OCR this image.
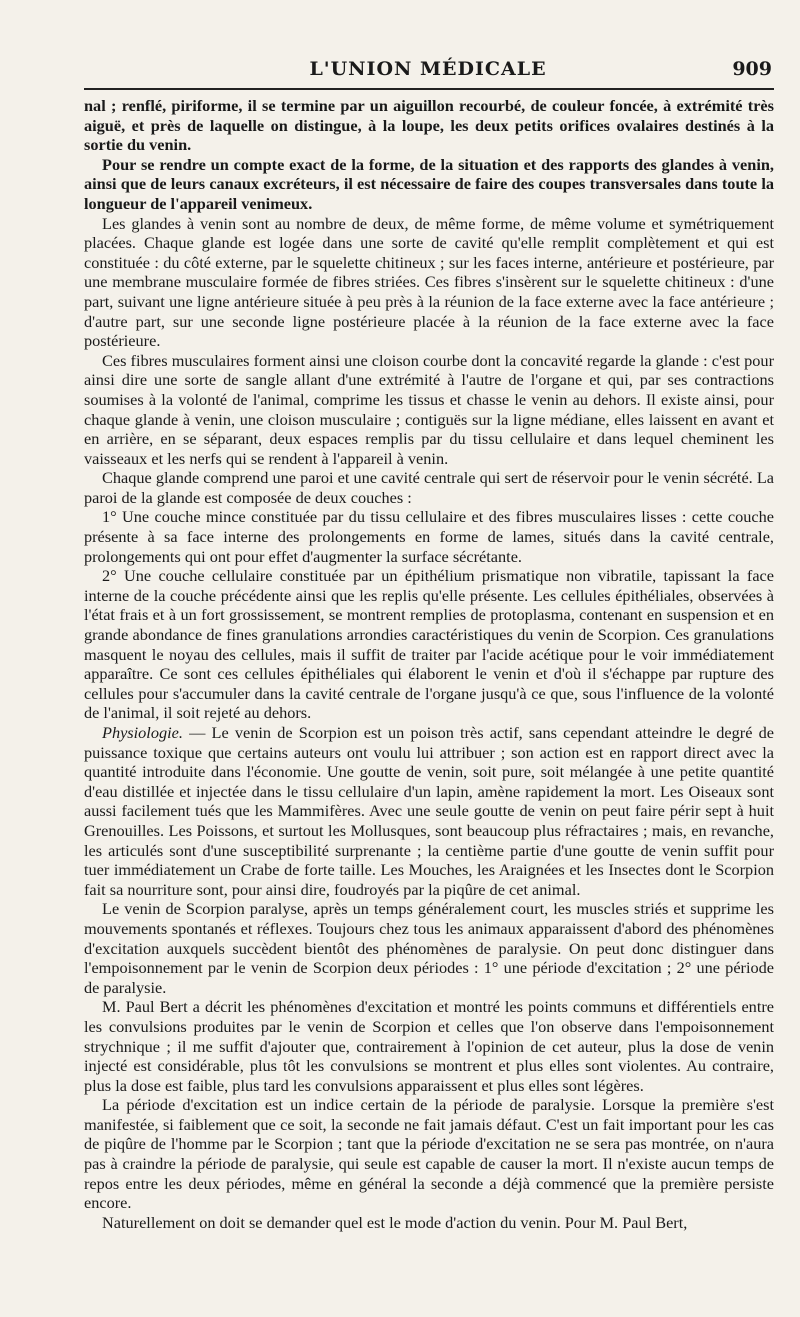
L'UNION MÉDICALE	909

nal ; renflé, piriforme, il se termine par un aiguillon recourbé, de couleur foncée, à extrémité très aiguë, et près de laquelle on distingue, à la loupe, les deux petits orifices ovalaires destinés à la sortie du venin.

Pour se rendre un compte exact de la forme, de la situation et des rapports des glandes à venin, ainsi que de leurs canaux excréteurs, il est nécessaire de faire des coupes transversales dans toute la longueur de l'appareil venimeux.

Les glandes à venin sont au nombre de deux, de même forme, de même volume et symétriquement placées. Chaque glande est logée dans une sorte de cavité qu'elle remplit complètement et qui est constituée : du côté externe, par le squelette chitineux ; sur les faces interne, antérieure et postérieure, par une membrane musculaire formée de fibres striées. Ces fibres s'insèrent sur le squelette chitineux : d'une part, suivant une ligne antérieure située à peu près à la réunion de la face externe avec la face antérieure ; d'autre part, sur une seconde ligne postérieure placée à la réunion de la face externe avec la face postérieure.

Ces fibres musculaires forment ainsi une cloison courbe dont la concavité regarde la glande : c'est pour ainsi dire une sorte de sangle allant d'une extrémité à l'autre de l'organe et qui, par ses contractions soumises à la volonté de l'animal, comprime les tissus et chasse le venin au dehors. Il existe ainsi, pour chaque glande à venin, une cloison musculaire ; contiguës sur la ligne médiane, elles laissent en avant et en arrière, en se séparant, deux espaces remplis par du tissu cellulaire et dans lequel cheminent les vaisseaux et les nerfs qui se rendent à l'appareil à venin.

Chaque glande comprend une paroi et une cavité centrale qui sert de réservoir pour le venin sécrété. La paroi de la glande est composée de deux couches :

1° Une couche mince constituée par du tissu cellulaire et des fibres musculaires lisses : cette couche présente à sa face interne des prolongements en forme de lames, situés dans la cavité centrale, prolongements qui ont pour effet d'augmenter la surface sécrétante.

2° Une couche cellulaire constituée par un épithélium prismatique non vibratile, tapissant la face interne de la couche précédente ainsi que les replis qu'elle présente. Les cellules épithéliales, observées à l'état frais et à un fort grossissement, se montrent remplies de protoplasma, contenant en suspension et en grande abondance de fines granulations arrondies caractéristiques du venin de Scorpion. Ces granulations masquent le noyau des cellules, mais il suffit de traiter par l'acide acétique pour le voir immédiatement apparaître. Ce sont ces cellules épithéliales qui élaborent le venin et d'où il s'échappe par rupture des cellules pour s'accumuler dans la cavité centrale de l'organe jusqu'à ce que, sous l'influence de la volonté de l'animal, il soit rejeté au dehors.

Physiologie. — Le venin de Scorpion est un poison très actif, sans cependant atteindre le degré de puissance toxique que certains auteurs ont voulu lui attribuer ; son action est en rapport direct avec la quantité introduite dans l'économie. Une goutte de venin, soit pure, soit mélangée à une petite quantité d'eau distillée et injectée dans le tissu cellulaire d'un lapin, amène rapidement la mort. Les Oiseaux sont aussi facilement tués que les Mammifères. Avec une seule goutte de venin on peut faire périr sept à huit Grenouilles. Les Poissons, et surtout les Mollusques, sont beaucoup plus réfractaires ; mais, en revanche, les articulés sont d'une susceptibilité surprenante ; la centième partie d'une goutte de venin suffit pour tuer immédiatement un Crabe de forte taille. Les Mouches, les Araignées et les Insectes dont le Scorpion fait sa nourriture sont, pour ainsi dire, foudroyés par la piqûre de cet animal.

Le venin de Scorpion paralyse, après un temps généralement court, les muscles striés et supprime les mouvements spontanés et réflexes. Toujours chez tous les animaux apparaissent d'abord des phénomènes d'excitation auxquels succèdent bientôt des phénomènes de paralysie. On peut donc distinguer dans l'empoisonnement par le venin de Scorpion deux périodes : 1° une période d'excitation ; 2° une période de paralysie.

M. Paul Bert a décrit les phénomènes d'excitation et montré les points communs et différentiels entre les convulsions produites par le venin de Scorpion et celles que l'on observe dans l'empoisonnement strychnique ; il me suffit d'ajouter que, contrairement à l'opinion de cet auteur, plus la dose de venin injecté est considérable, plus tôt les convulsions se montrent et plus elles sont violentes. Au contraire, plus la dose est faible, plus tard les convulsions apparaissent et plus elles sont légères.

La période d'excitation est un indice certain de la période de paralysie. Lorsque la première s'est manifestée, si faiblement que ce soit, la seconde ne fait jamais défaut. C'est un fait important pour les cas de piqûre de l'homme par le Scorpion ; tant que la période d'excitation ne se sera pas montrée, on n'aura pas à craindre la période de paralysie, qui seule est capable de causer la mort. Il n'existe aucun temps de repos entre les deux périodes, même en général la seconde a déjà commencé que la première persiste encore.

Naturellement on doit se demander quel est le mode d'action du venin. Pour M. Paul Bert,
